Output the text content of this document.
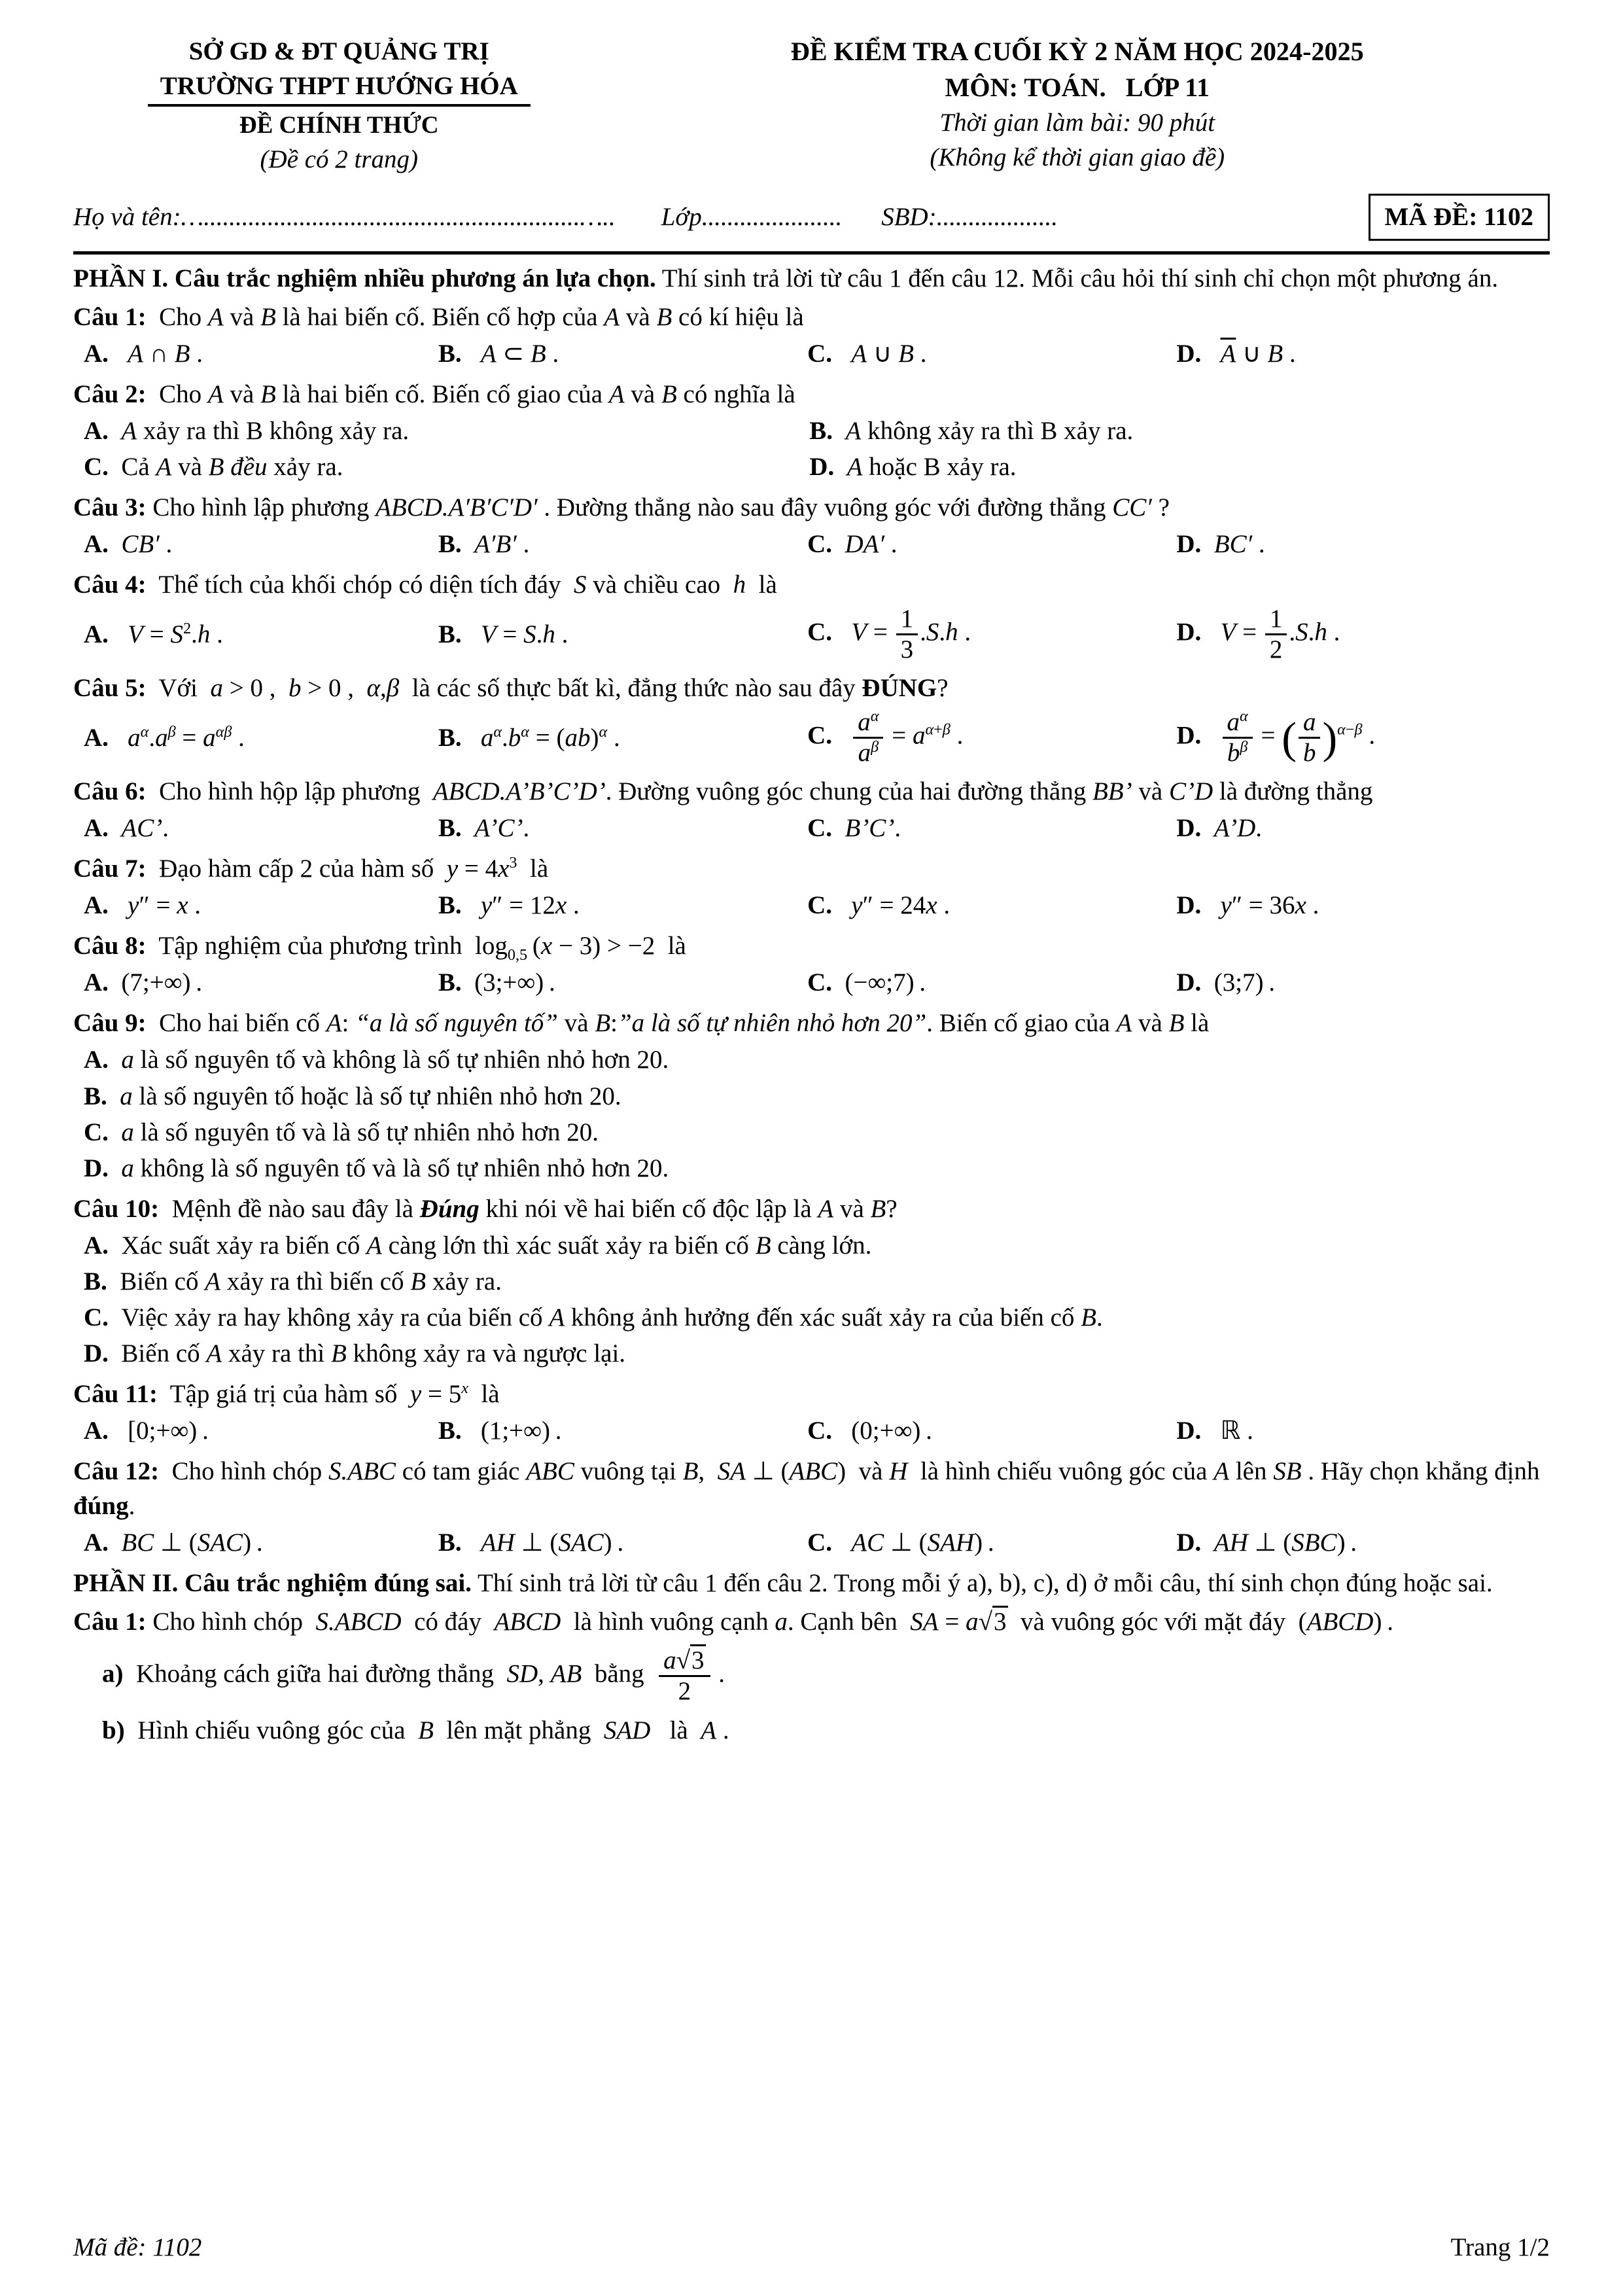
SỞ GD & ĐT QUẢNG TRỊ
TRƯỜNG THPT HƯỚNG HÓA
ĐỀ CHÍNH THỨC
(Đề có 2 trang)
ĐỀ KIỂM TRA CUỐI KỲ 2 NĂM HỌC 2024-2025
MÔN: TOÁN.   LỚP 11
Thời gian làm bài: 90 phút
(Không kể thời gian giao đề)
Họ và tên:…...........................................................….. Lớp...................... SBD:...................	MÃ ĐỀ: 1102
PHẦN I. Câu trắc nghiệm nhiều phương án lựa chọn. Thí sinh trả lời từ câu 1 đến câu 12. Mỗi câu hỏi thí sinh chỉ chọn một phương án.
Câu 1:  Cho A và B là hai biến cố. Biến cố hợp của A và B có kí hiệu là
A. A ∩ B .	B. A ⊂ B .	C. A ∪ B .	D. $\overline{A}$ ∪ B .
Câu 2:  Cho A và B là hai biến cố. Biến cố giao của A và B có nghĩa là
A. A xảy ra thì B không xảy ra.	B. A không xảy ra thì B xảy ra.
C.  Cả A và B đều xảy ra.	D. A hoặc B xảy ra.
Câu 3: Cho hình lập phương ABCD.A′B′C′D′ . Đường thẳng nào sau đây vuông góc với đường thẳng CC′ ?
A. CB′ .	B. A′B′ .	C. DA′ .	D. BC′ .
Câu 4:  Thể tích của khối chóp có diện tích đáy  S và chiều cao  h  là
A. $V = S^2.h$ .	B. V = S.h .	C. $V = \frac{1}{3} .S.h$ .	D. $V = \frac{1}{2} .S.h$ .
Câu 5:  Với  a > 0 ,  b > 0 ,  α,β  là các số thực bất kì, đẳng thức nào sau đây ĐÚNG?
A. $a^\alpha.a^\beta = a^{\alpha\beta}$ .	B. $a^\alpha.b^\alpha = (ab)^\alpha$ .	C. $\frac{a^\alpha}{a^\beta} = a^{\alpha+\beta}$ .	D. $\frac{a^\alpha}{b^\beta}$ = ( $\frac{a}{b} )^{\alpha-\beta}$ .
Câu 6:  Cho hình hộp lập phương  ABCD.A’B’C’D’. Đường vuông góc chung của hai đường thẳng BB’ và C’D là đường thẳng
A. AC’.	B. A’C’.	C. B’C’.	D. A’D.
Câu 7:  Đạo hàm cấp 2 của hàm số  $y = 4x^3$  là
A. y″ = x .	B. y″ = 12x .	C. y″ = 24x .	D. y″ = 36x .
Câu 8:  Tập nghiệm của phương trình  $\log_{0,5} (x - 3) > -2$  là
A.  (7;+∞) .	B.  (3;+∞) .	C.  (−∞;7) .	D.  (3;7) .
Câu 9:  Cho hai biến cố A: “a là số nguyên tố” và B:”a là số tự nhiên nhỏ hơn 20”. Biến cố giao của A và B là
A. a là số nguyên tố và không là số tự nhiên nhỏ hơn 20.
B. a là số nguyên tố hoặc là số tự nhiên nhỏ hơn 20.
C. a là số nguyên tố và là số tự nhiên nhỏ hơn 20.
D. a không là số nguyên tố và là số tự nhiên nhỏ hơn 20.
Câu 10:  Mệnh đề nào sau đây là Đúng khi nói về hai biến cố độc lập là A và B?
A.  Xác suất xảy ra biến cố A càng lớn thì xác suất xảy ra biến cố B càng lớn.
B.  Biến cố A xảy ra thì biến cố B xảy ra.
C.  Việc xảy ra hay không xảy ra của biến cố A không ảnh hưởng đến xác suất xảy ra của biến cố B.
D.  Biến cố A xảy ra thì B không xảy ra và ngược lại.
Câu 11:  Tập giá trị của hàm số  $y = 5^x$  là
A.   [0;+∞) .	B.   (1;+∞) .	C.   (0;+∞) .	D.   ℝ .
Câu 12:  Cho hình chóp S.ABC có tam giác ABC vuông tại B,  SA ⊥ (ABC)  và H  là hình chiếu vuông góc của A lên SB . Hãy chọn khẳng định đúng.
A. BC ⊥ (SAC) .	B. AH ⊥ (SAC) .	C. AC ⊥ (SAH) .	D. AH ⊥ (SBC) .
PHẦN II. Câu trắc nghiệm đúng sai. Thí sinh trả lời từ câu 1 đến câu 2. Trong mỗi ý a), b), c), d) ở mỗi câu, thí sinh chọn đúng hoặc sai.
Câu 1: Cho hình chóp  S.ABCD  có đáy  ABCD  là hình vuông cạnh a. Cạnh bên  SA = a√3  và vuông góc với mặt đáy  (ABCD) .
a)  Khoảng cách giữa hai đường thẳng  SD, AB  bằng $\frac{a√3}{2}$ .
b)  Hình chiếu vuông góc của  B  lên mặt phẳng  SAD   là  A .
Mã đề: 1102	Trang 1/2
